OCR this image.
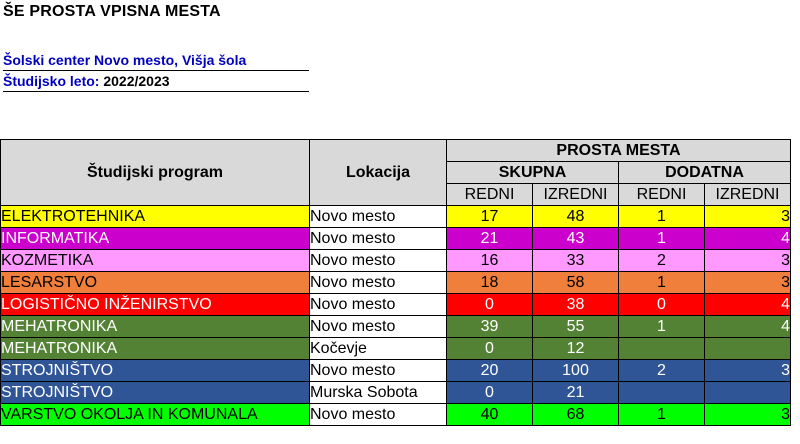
ŠE PROSTA VPISNA MESTA
Šolski center Novo mesto, Višja šola
Študijsko leto: 2022/2023
Študijski program	Lokacija	PROSTA MESTA			
		SKUPNA		DODATNA	
		REDNI	IZREDNI	REDNI	IZREDNI
ELEKTROTEHNIKA	Novo mesto	17	48	1	3
INFORMATIKA	Novo mesto	21	43	1	4
KOZMETIKA	Novo mesto	16	33	2	3
LESARSTVO	Novo mesto	18	58	1	3
LOGISTIČNO INŽENIRSTVO	Novo mesto	0	38	0	4
MEHATRONIKA	Novo mesto	39	55	1	4
MEHATRONIKA	Kočevje	0	12		
STROJNIŠTVO	Novo mesto	20	100	2	3
STROJNIŠTVO	Murska Sobota	0	21		
VARSTVO OKOLJA IN KOMUNALA	Novo mesto	40	68	1	3
